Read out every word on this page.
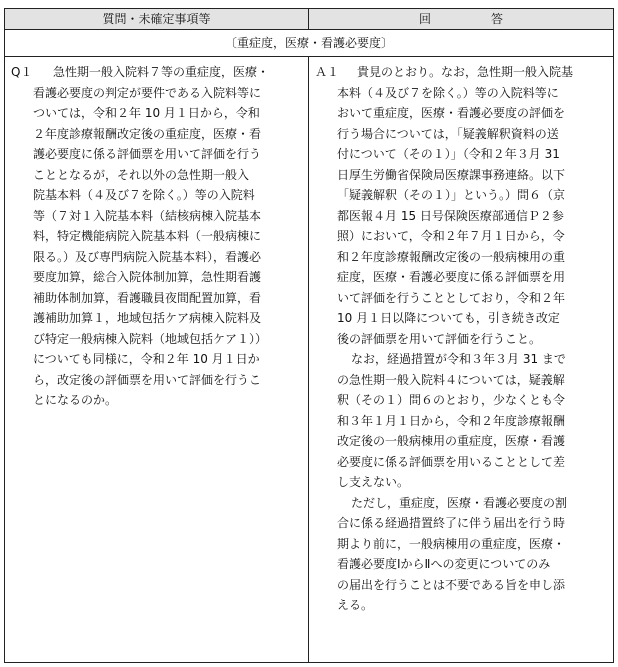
質問・未確定事項等	回　答
〔重症度，医療・看護必要度〕
Q１ 急性期一般入院料７等の重症度，医療・
看護必要度の判定が要件である入院料等に
ついては，令和２年 10 月１日から，令和
２年度診療報酬改定後の重症度，医療・看
護必要度に係る評価票を用いて評価を行う
こととなるが，それ以外の急性期一般入
院基本料（４及び７を除く。）等の入院料
等（７対１入院基本料（結核病棟入院基本
料，特定機能病院入院基本料（一般病棟に
限る。）及び専門病院入院基本料），看護必
要度加算，総合入院体制加算，急性期看護
補助体制加算，看護職員夜間配置加算，看
護補助加算１，地域包括ケア病棟入院料及
び特定一般病棟入院料（地域包括ケア１））
についても同様に，令和２年 10 月１日か
ら，改定後の評価票を用いて評価を行うこ
とになるのか。
Ａ１ 貴見のとおり。なお，急性期一般入院基
本料（４及び７を除く。）等の入院料等に
おいて重症度，医療・看護必要度の評価を
行う場合については，「疑義解釈資料の送
付について（その１）」（令和２年３月 31
日厚生労働省保険局医療課事務連絡。以下
「疑義解釈（その１）」という。）問６（京
都医報４月 15 日号保険医療部通信Ｐ２参
照）において，令和２年７月１日から，令
和２年度診療報酬改定後の一般病棟用の重
症度，医療・看護必要度に係る評価票を用
いて評価を行うこととしており，令和２年
10 月１日以降についても，引き続き改定
後の評価票を用いて評価を行うこと。
なお，経過措置が令和３年３月 31 まで
の急性期一般入院料４については，疑義解
釈（その１）問６のとおり，少なくとも令
和３年１月１日から，令和２年度診療報酬
改定後の一般病棟用の重症度，医療・看護
必要度に係る評価票を用いることとして差
し支えない。
ただし，重症度，医療・看護必要度の割
合に係る経過措置終了に伴う届出を行う時
期より前に，一般病棟用の重症度，医療・
看護必要度ⅠからⅡへの変更についてのみ
の届出を行うことは不要である旨を申し添
える。
